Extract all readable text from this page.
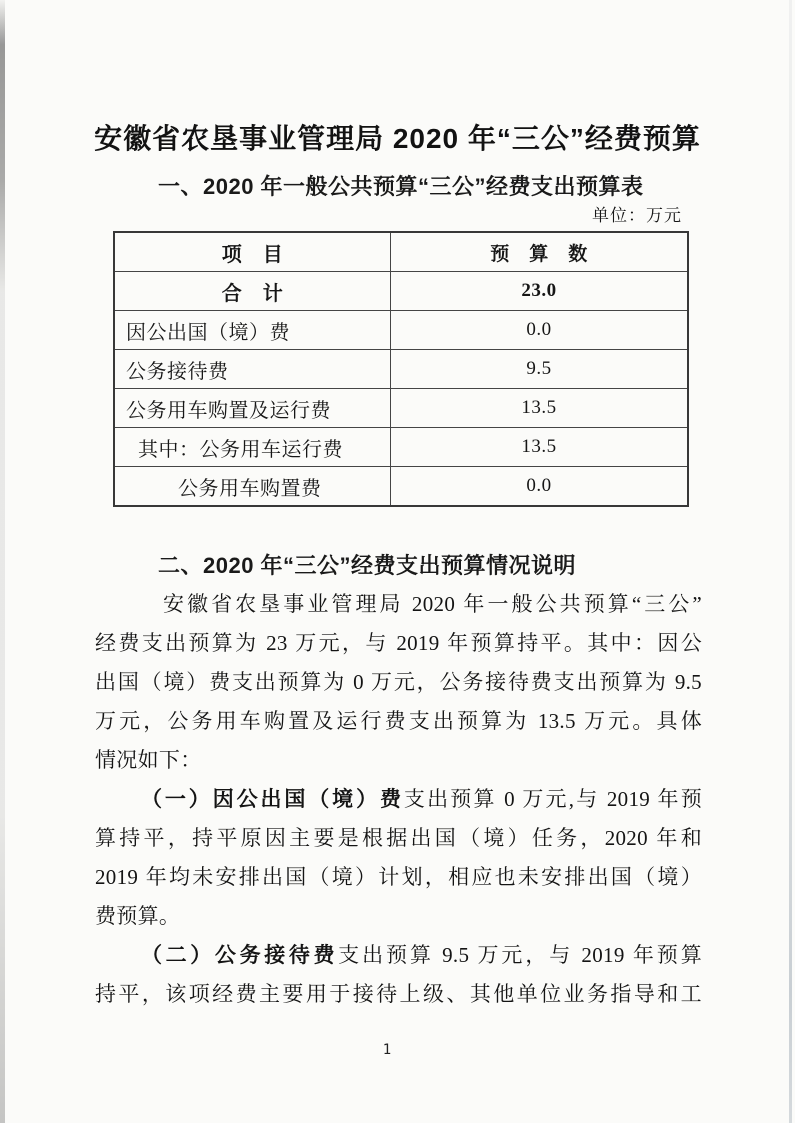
安徽省农垦事业管理局 2020 年“三公”经费预算
一、2020 年一般公共预算“三公”经费支出预算表
单位：万元
项　目	预　算　数
合　计	23.0
因公出国（境）费	0.0
公务接待费	9.5
公务用车购置及运行费	13.5
其中：公务用车运行费	13.5
公务用车购置费	0.0
二、2020 年“三公”经费支出预算情况说明
安徽省农垦事业管理局 2020 年一般公共预算“三公”
经费支出预算为 23 万元，与 2019 年预算持平。其中：因公
出国（境）费支出预算为 0 万元，公务接待费支出预算为 9.5
万元，公务用车购置及运行费支出预算为 13.5 万元。具体
情况如下：
（一）因公出国（境）费支出预算 0 万元,与 2019 年预
算持平，持平原因主要是根据出国（境）任务，2020 年和
2019 年均未安排出国（境）计划，相应也未安排出国（境）
费预算。
（二）公务接待费支出预算 9.5 万元，与 2019 年预算
持平，该项经费主要用于接待上级、其他单位业务指导和工
1
